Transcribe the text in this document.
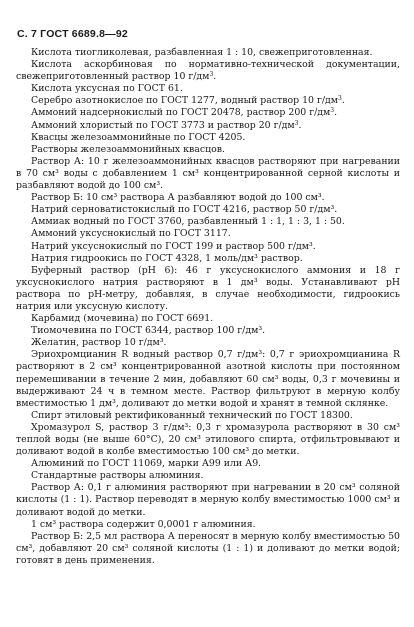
С. 7 ГОСТ 6689.8—92

Кислота тиогликолевая, разбавленная 1 : 10, свежеприготовленная.

Кислота аскорбиновая по нормативно-технической документации, свежеприготовленный раствор 10 $г/дм^3$.

Кислота уксусная по ГОСТ 61.

Серебро азотнокислое по ГОСТ 1277, водный раствор 10 $г/дм^3$.

Аммоний надсернокислый по ГОСТ 20478, раствор 200 $г/дм^3$.

Аммоний хлористый по ГОСТ 3773 и раствор 20 $г/дм^3$.

Квасцы железоаммонийные по ГОСТ 4205.

Растворы железоаммонийных квасцов.

Раствор А: 10 г железоаммонийных квасцов растворяют при нагревании в 70 см³ воды с добавлением 1 см³ концентрированной серной кислоты и разбавляют водой до 100 см³.

Раствор Б: 10 см³ раствора А разбавляют водой до 100 см³.

Натрий сернoватистокислый по ГОСТ 4216, раствор 50 г/дм³.

Аммиак водный по ГОСТ 3760, разбавленный 1 : 1, 1 : 3, 1 : 50.

Аммоний уксуснокислый по ГОСТ 3117.

Натрий уксуснокислый по ГОСТ 199 и раствор 500 г/дм³.

Натрия гидроокись по ГОСТ 4328, 1 моль/дм³ раствор.

Буферный раствор (рН 6): 46 г уксуснокислого аммония и 18 г уксуснокислого натрия растворяют в 1 дм³ воды. Устанавливают рН раствора по рН-метру, добавляя, в случае необходимости, гидроокись натрия или уксусную кислоту.

Карбамид (мочевина) по ГОСТ 6691.

Тиомочевина по ГОСТ 6344, раствор 100 г/дм³.

Желатин, раствор 10 г/дм³.

Эриохромцианин R водный раствор 0,7 г/дм³: 0,7 г эриохромцианина R растворяют в 2 см³ концентрированной азотной кислоты при постоянном перемешивании в течение 2 мин, добавляют 60 см³ воды, 0,3 г мочевины и выдерживают 24 ч в темном месте. Раствор фильтруют в мерную колбу вместимостью 1 дм³, доливают до метки водой и хранят в темной склянке.

Спирт этиловый ректификованный технический по ГОСТ 18300.

Хромазурол S, раствор 3 г/дм³: 0,3 г хромазурола растворяют в 30 см³ теплой воды (не выше 60°С), 20 см³ этилового спирта, отфильтровывают и доливают водой в колбе вместимостью 100 см³ до метки.

Алюминий по ГОСТ 11069, марки А99 или А9.

Стандартные растворы алюминия.

Раствор А: 0,1 г алюминия растворяют при нагревании в 20 см³ соляной кислоты (1 : 1). Раствор переводят в мерную колбу вместимостью 1000 см³ и доливают водой до метки.

1 см³ раствора содержит 0,0001 г алюминия.

Раствор Б: 2,5 мл раствора А переносят в мерную колбу вместимостью 50 см³, добавляют 20 см³ соляной кислоты (1 : 1) и доливают до метки водой; готовят в день применения.
